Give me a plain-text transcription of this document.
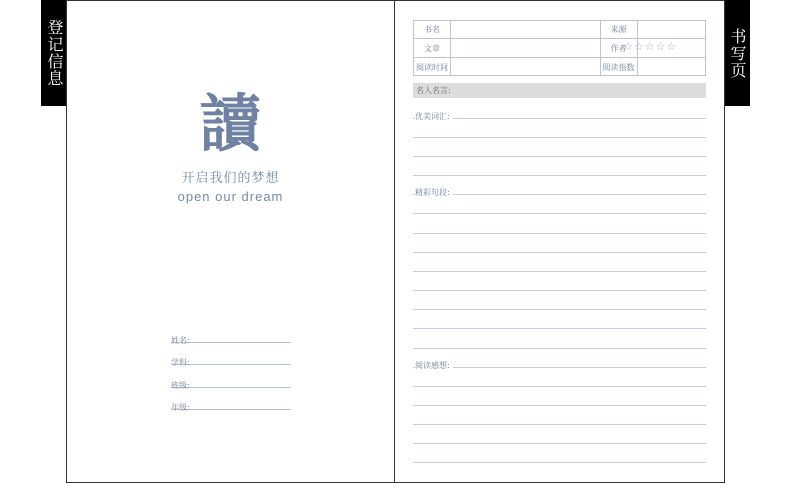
登记信息	书写页
讀
开启我们的梦想
open our dream
姓名:
学科:
班级:
年级:
书名	来源
文章	作者
阅读时间	阅读指数
☆☆☆☆☆
名人名言:
优美词汇:
精彩句段:
阅读感想:
